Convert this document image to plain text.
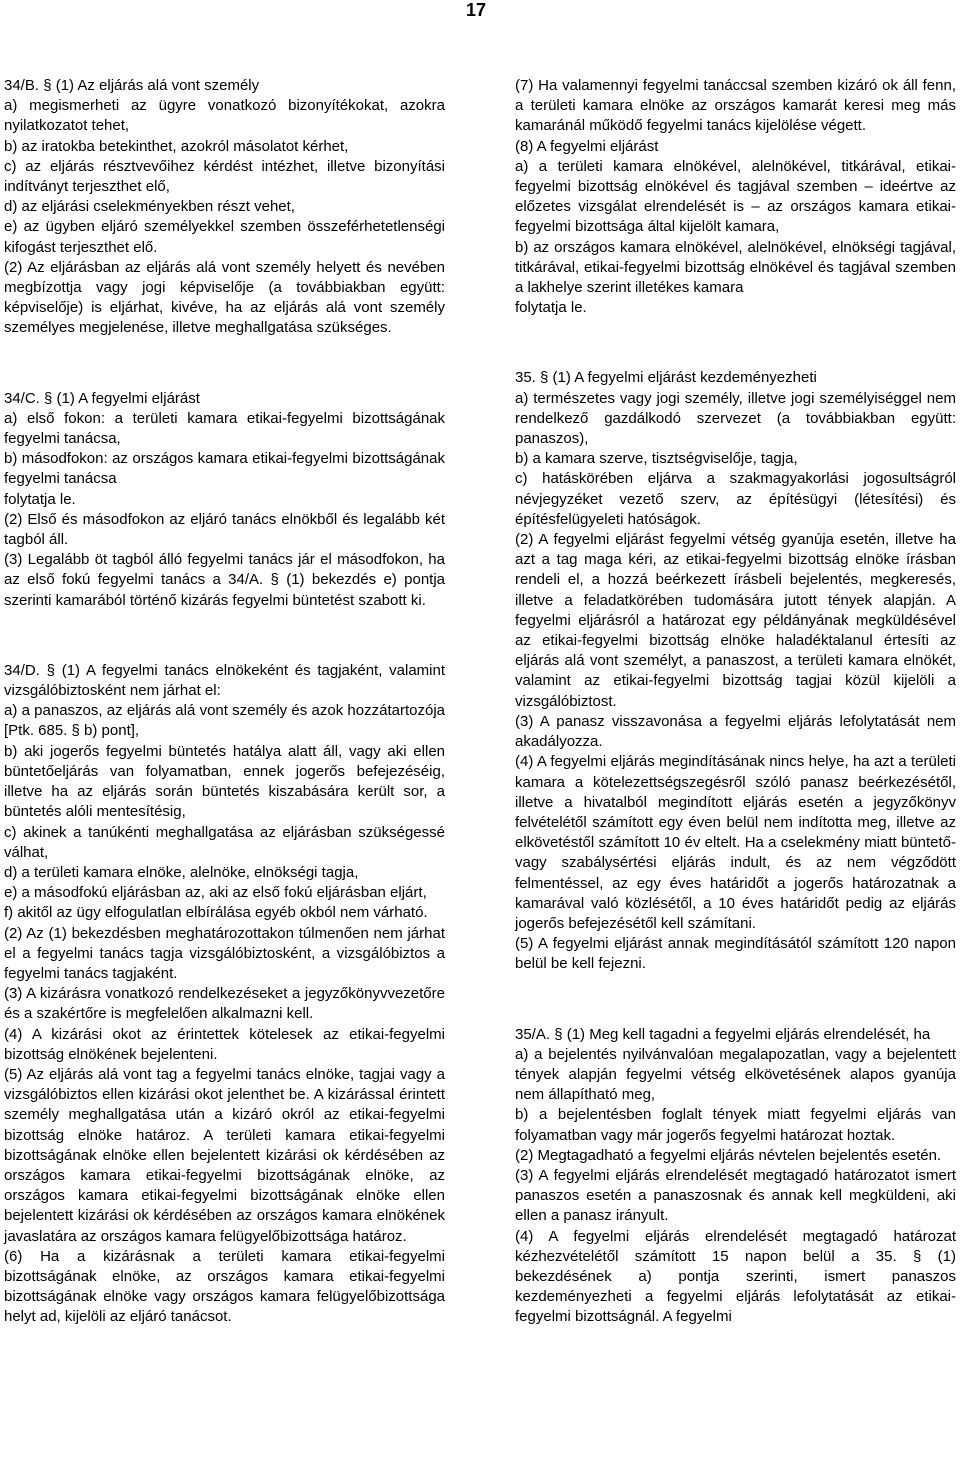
17

34/B. § (1) Az eljárás alá vont személy

a) megismerheti az ügyre vonatkozó bizonyítékokat, azokra nyilatkozatot tehet,

b) az iratokba betekinthet, azokról másolatot kérhet,

c) az eljárás résztvevőihez kérdést intézhet, illetve bizonyítási indítványt terjeszthet elő,

d) az eljárási cselekményekben részt vehet,

e) az ügyben eljáró személyekkel szemben összeférhetetlenségi kifogást terjeszthet elő.

(2) Az eljárásban az eljárás alá vont személy helyett és nevében megbízottja vagy jogi képviselője (a továbbiakban együtt: képviselője) is eljárhat, kivéve, ha az eljárás alá vont személy személyes megjelenése, illetve meghallgatása szükséges.

34/C. § (1) A fegyelmi eljárást

a) első fokon: a területi kamara etikai-fegyelmi bizottságának fegyelmi tanácsa,

b) másodfokon: az országos kamara etikai-fegyelmi bizottságának fegyelmi tanácsa

folytatja le.

(2) Első és másodfokon az eljáró tanács elnökből és legalább két tagból áll.

(3) Legalább öt tagból álló fegyelmi tanács jár el másodfokon, ha az első fokú fegyelmi tanács a 34/A. § (1) bekezdés e) pontja szerinti kamarából történő kizárás fegyelmi büntetést szabott ki.

34/D. § (1) A fegyelmi tanács elnökeként és tagjaként, valamint vizsgálóbiztosként nem járhat el:

a) a panaszos, az eljárás alá vont személy és azok hozzátartozója [Ptk. 685. § b) pont],

b) aki jogerős fegyelmi büntetés hatálya alatt áll, vagy aki ellen büntetőeljárás van folyamatban, ennek jogerős befejezéséig, illetve ha az eljárás során büntetés kiszabására került sor, a büntetés alóli mentesítésig,

c) akinek a tanúkénti meghallgatása az eljárásban szükségessé válhat,

d) a területi kamara elnöke, alelnöke, elnökségi tagja,

e) a másodfokú eljárásban az, aki az első fokú eljárásban eljárt,

f) akitől az ügy elfogulatlan elbírálása egyéb okból nem várható.

(2) Az (1) bekezdésben meghatározottakon túlmenően nem járhat el a fegyelmi tanács tagja vizsgálóbiztosként, a vizsgálóbiztos a fegyelmi tanács tagjaként.

(3) A kizárásra vonatkozó rendelkezéseket a jegyzőkönyvvezetőre és a szakértőre is megfelelően alkalmazni kell.

(4) A kizárási okot az érintettek kötelesek az etikai-fegyelmi bizottság elnökének bejelenteni.

(5) Az eljárás alá vont tag a fegyelmi tanács elnöke, tagjai vagy a vizsgálóbiztos ellen kizárási okot jelenthet be. A kizárással érintett személy meghallgatása után a kizáró okról az etikai-fegyelmi bizottság elnöke határoz. A területi kamara etikai-fegyelmi bizottságának elnöke ellen bejelentett kizárási ok kérdésében az országos kamara etikai-fegyelmi bizottságának elnöke, az országos kamara etikai-fegyelmi bizottságának elnöke ellen bejelentett kizárási ok kérdésében az országos kamara elnökének javaslatára az országos kamara felügyelőbizottsága határoz.

(6) Ha a kizárásnak a területi kamara etikai-fegyelmi bizottságának elnöke, az országos kamara etikai-fegyelmi bizottságának elnöke vagy országos kamara felügyelőbizottsága helyt ad, kijelöli az eljáró tanácsot.

(7) Ha valamennyi fegyelmi tanáccsal szemben kizáró ok áll fenn, a területi kamara elnöke az országos kamarát keresi meg más kamaránál működő fegyelmi tanács kijelölése végett.

(8) A fegyelmi eljárást

a) a területi kamara elnökével, alelnökével, titkárával, etikai-fegyelmi bizottság elnökével és tagjával szemben – ideértve az előzetes vizsgálat elrendelését is – az országos kamara etikai-fegyelmi bizottsága által kijelölt kamara,

b) az országos kamara elnökével, alelnökével, elnökségi tagjával, titkárával, etikai-fegyelmi bizottság elnökével és tagjával szemben a lakhelye szerint illetékes kamara

folytatja le.

35. § (1) A fegyelmi eljárást kezdeményezheti

a) természetes vagy jogi személy, illetve jogi személyiséggel nem rendelkező gazdálkodó szervezet (a továbbiakban együtt: panaszos),

b) a kamara szerve, tisztségviselője, tagja,

c) hatáskörében eljárva a szakmagyakorlási jogosultságról névjegyzéket vezető szerv, az építésügyi (létesítési) és építésfelügyeleti hatóságok.

(2) A fegyelmi eljárást fegyelmi vétség gyanúja esetén, illetve ha azt a tag maga kéri, az etikai-fegyelmi bizottság elnöke írásban rendeli el, a hozzá beérkezett írásbeli bejelentés, megkeresés, illetve a feladatkörében tudomására jutott tények alapján. A fegyelmi eljárásról a határozat egy példányának megküldésével az etikai-fegyelmi bizottság elnöke haladéktalanul értesíti az eljárás alá vont személyt, a panaszost, a területi kamara elnökét, valamint az etikai-fegyelmi bizottság tagjai közül kijelöli a vizsgálóbiztost.

(3) A panasz visszavonása a fegyelmi eljárás lefolytatását nem akadályozza.

(4) A fegyelmi eljárás megindításának nincs helye, ha azt a területi kamara a kötelezettségszegésről szóló panasz beérkezésétől, illetve a hivatalból megindított eljárás esetén a jegyzőkönyv felvételétől számított egy éven belül nem indította meg, illetve az elkövetéstől számított 10 év eltelt. Ha a cselekmény miatt büntető-vagy szabálysértési eljárás indult, és az nem végződött felmentéssel, az egy éves határidőt a jogerős határozatnak a kamarával való közlésétől, a 10 éves határidőt pedig az eljárás jogerős befejezésétől kell számítani.

(5) A fegyelmi eljárást annak megindításától számított 120 napon belül be kell fejezni.

35/A. § (1) Meg kell tagadni a fegyelmi eljárás elrendelését, ha

a) a bejelentés nyilvánvalóan megalapozatlan, vagy a bejelentett tények alapján fegyelmi vétség elkövetésének alapos gyanúja nem állapítható meg,

b) a bejelentésben foglalt tények miatt fegyelmi eljárás van folyamatban vagy már jogerős fegyelmi határozat hoztak.

(2) Megtagadható a fegyelmi eljárás névtelen bejelentés esetén.

(3) A fegyelmi eljárás elrendelését megtagadó határozatot ismert panaszos esetén a panaszosnak és annak kell megküldeni, aki ellen a panasz irányult.

(4) A fegyelmi eljárás elrendelését megtagadó határozat kézhezvételétől számított 15 napon belül a 35. § (1) bekezdésének a) pontja szerinti, ismert panaszos kezdeményezheti a fegyelmi eljárás lefolytatását az etikai-fegyelmi bizottságnál. A fegyelmi
